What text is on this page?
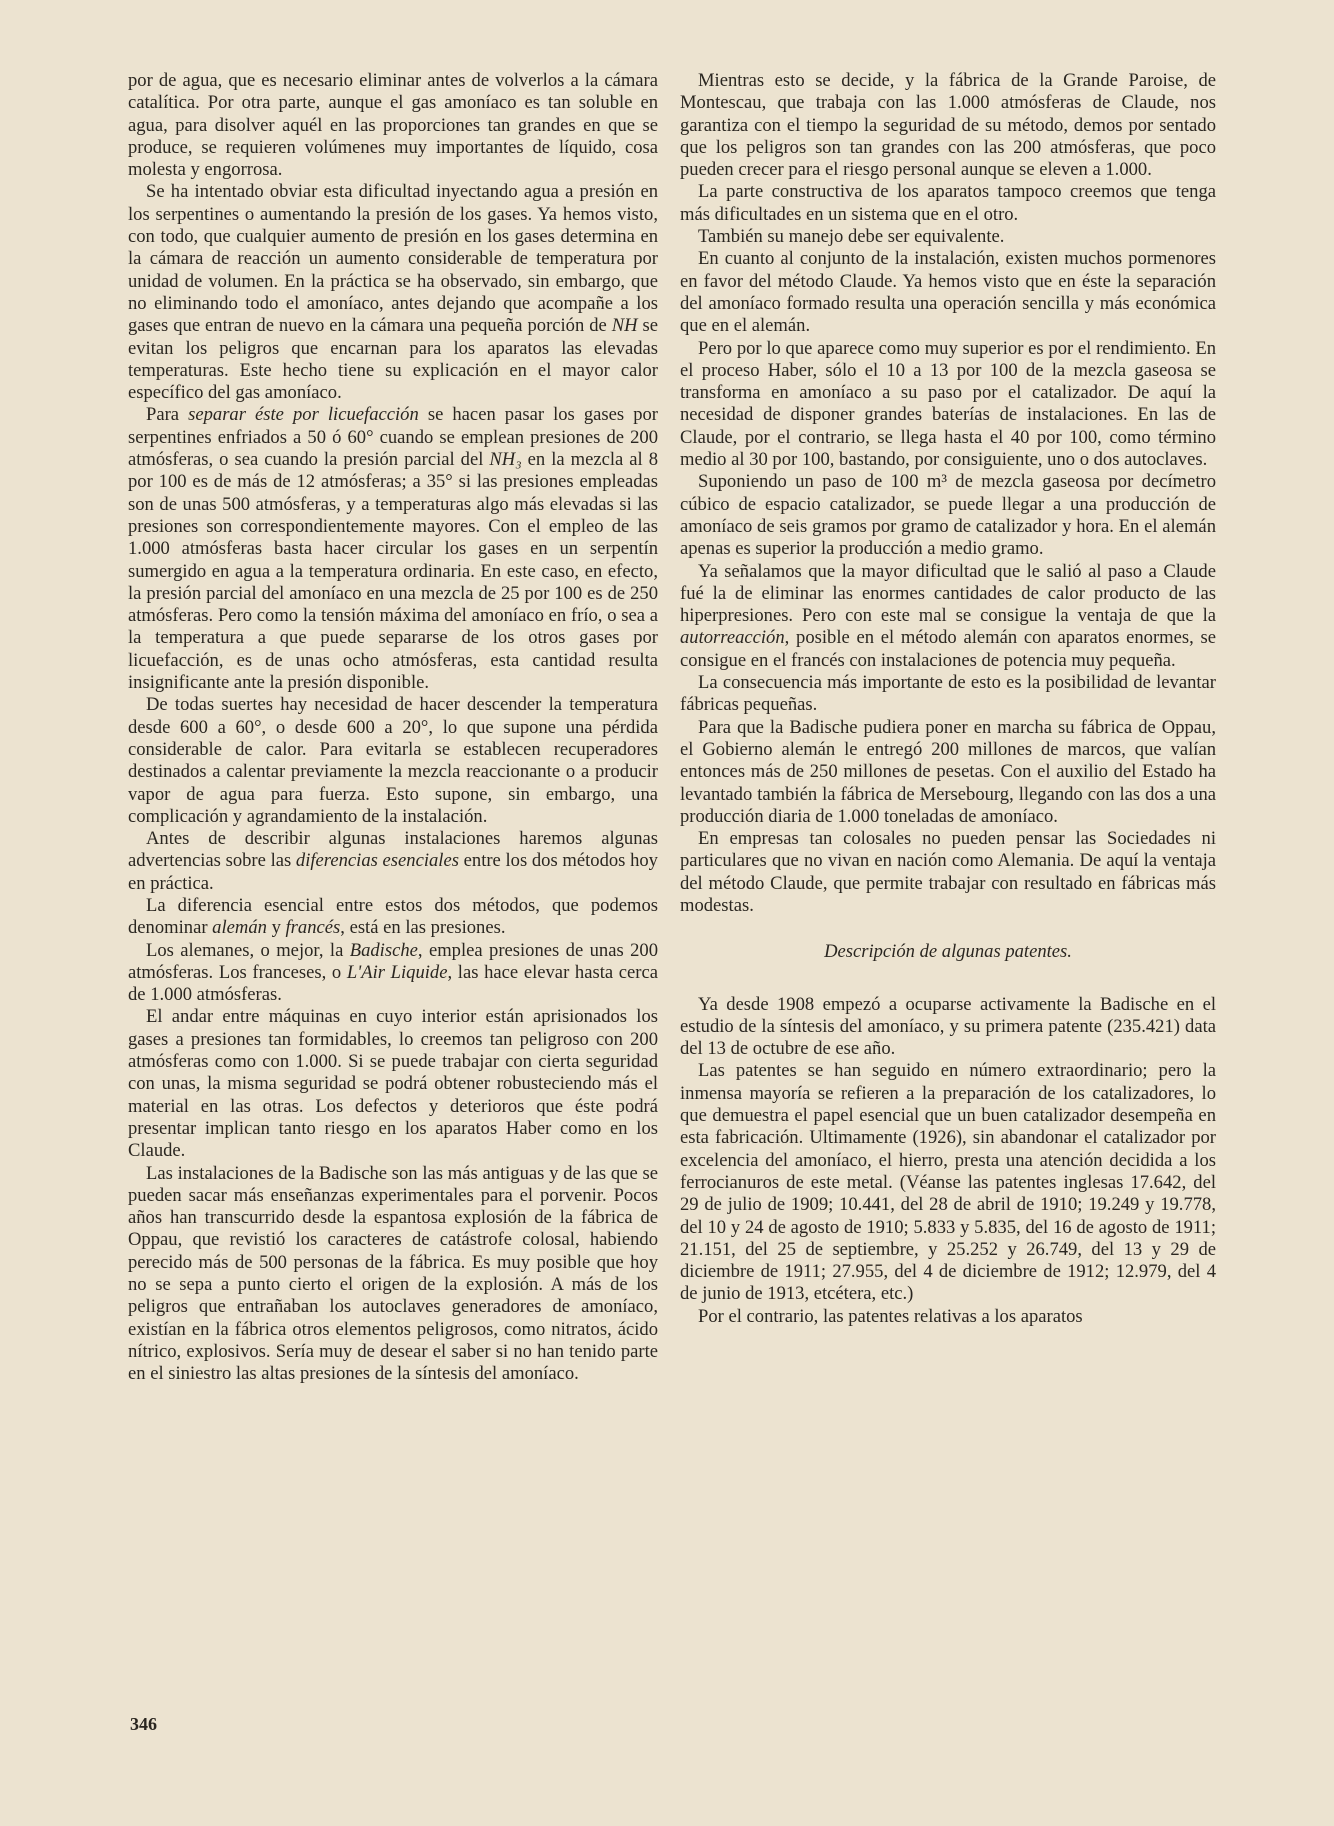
por de agua, que es necesario eliminar antes de volverlos a la cámara catalítica. Por otra parte, aunque el gas amoníaco es tan soluble en agua, para disolver aquél en las proporciones tan grandes en que se produce, se requieren volúmenes muy importantes de líquido, cosa molesta y engorrosa.

Se ha intentado obviar esta dificultad inyectando agua a presión en los serpentines o aumentando la presión de los gases. Ya hemos visto, con todo, que cualquier aumento de presión en los gases determina en la cámara de reacción un aumento considerable de temperatura por unidad de volumen. En la práctica se ha observado, sin embargo, que no eliminando todo el amoníaco, antes dejando que acompañe a los gases que entran de nuevo en la cámara una pequeña porción de NH se evitan los peligros que encarnan para los aparatos las elevadas temperaturas. Este hecho tiene su explicación en el mayor calor específico del gas amoníaco.

Para separar éste por licuefacción se hacen pasar los gases por serpentines enfriados a 50 ó 60° cuando se emplean presiones de 200 atmósferas, o sea cuando la presión parcial del NH₃ en la mezcla al 8 por 100 es de más de 12 atmósferas; a 35° si las presiones empleadas son de unas 500 atmósferas, y a temperaturas algo más elevadas si las presiones son correspondientemente mayores. Con el empleo de las 1.000 atmósferas basta hacer circular los gases en un serpentín sumergido en agua a la temperatura ordinaria. En este caso, en efecto, la presión parcial del amoníaco en una mezcla de 25 por 100 es de 250 atmósferas. Pero como la tensión máxima del amoníaco en frío, o sea a la temperatura a que puede separarse de los otros gases por licuefacción, es de unas ocho atmósferas, esta cantidad resulta insignificante ante la presión disponible.

De todas suertes hay necesidad de hacer descender la temperatura desde 600 a 60°, o desde 600 a 20°, lo que supone una pérdida considerable de calor. Para evitarla se establecen recuperadores destinados a calentar previamente la mezcla reaccionante o a producir vapor de agua para fuerza. Esto supone, sin embargo, una complicación y agrandamiento de la instalación.

Antes de describir algunas instalaciones haremos algunas advertencias sobre las diferencias esenciales entre los dos métodos hoy en práctica.

La diferencia esencial entre estos dos métodos, que podemos denominar alemán y francés, está en las presiones.

Los alemanes, o mejor, la Badische, emplea presiones de unas 200 atmósferas. Los franceses, o L'Air Liquide, las hace elevar hasta cerca de 1.000 atmósferas.

El andar entre máquinas en cuyo interior están aprisionados los gases a presiones tan formidables, lo creemos tan peligroso con 200 atmósferas como con 1.000. Si se puede trabajar con cierta seguridad con unas, la misma seguridad se podrá obtener robusteciendo más el material en las otras. Los defectos y deterioros que éste podrá presentar implican tanto riesgo en los aparatos Haber como en los Claude.

Las instalaciones de la Badische son las más antiguas y de las que se pueden sacar más enseñanzas experimentales para el porvenir. Pocos años han transcurrido desde la espantosa explosión de la fábrica de Oppau, que revistió los caracteres de catástrofe colosal, habiendo perecido más de 500 personas de la fábrica. Es muy posible que hoy no se sepa a punto cierto el origen de la explosión. A más de los peligros que entrañaban los autoclaves generadores de amoníaco, existían en la fábrica otros elementos peligrosos, como nitratos, ácido nítrico, explosivos. Sería muy de desear el saber si no han tenido parte en el siniestro las altas presiones de la síntesis del amoníaco.

Mientras esto se decide, y la fábrica de la Grande Paroise, de Montescau, que trabaja con las 1.000 atmósferas de Claude, nos garantiza con el tiempo la seguridad de su método, demos por sentado que los peligros son tan grandes con las 200 atmósferas, que poco pueden crecer para el riesgo personal aunque se eleven a 1.000.

La parte constructiva de los aparatos tampoco creemos que tenga más dificultades en un sistema que en el otro.

También su manejo debe ser equivalente.

En cuanto al conjunto de la instalación, existen muchos pormenores en favor del método Claude. Ya hemos visto que en éste la separación del amoníaco formado resulta una operación sencilla y más económica que en el alemán.

Pero por lo que aparece como muy superior es por el rendimiento. En el proceso Haber, sólo el 10 a 13 por 100 de la mezcla gaseosa se transforma en amoníaco a su paso por el catalizador. De aquí la necesidad de disponer grandes baterías de instalaciones. En las de Claude, por el contrario, se llega hasta el 40 por 100, como término medio al 30 por 100, bastando, por consiguiente, uno o dos autoclaves.

Suponiendo un paso de 100 m³ de mezcla gaseosa por decímetro cúbico de espacio catalizador, se puede llegar a una producción de amoníaco de seis gramos por gramo de catalizador y hora. En el alemán apenas es superior la producción a medio gramo.

Ya señalamos que la mayor dificultad que le salió al paso a Claude fué la de eliminar las enormes cantidades de calor producto de las hiperpresiones. Pero con este mal se consigue la ventaja de que la autorreacción, posible en el método alemán con aparatos enormes, se consigue en el francés con instalaciones de potencia muy pequeña.

La consecuencia más importante de esto es la posibilidad de levantar fábricas pequeñas.

Para que la Badische pudiera poner en marcha su fábrica de Oppau, el Gobierno alemán le entregó 200 millones de marcos, que valían entonces más de 250 millones de pesetas. Con el auxilio del Estado ha levantado también la fábrica de Mersebourg, llegando con las dos a una producción diaria de 1.000 toneladas de amoníaco.

En empresas tan colosales no pueden pensar las Sociedades ni particulares que no vivan en nación como Alemania. De aquí la ventaja del método Claude, que permite trabajar con resultado en fábricas más modestas.

Descripción de algunas patentes.

Ya desde 1908 empezó a ocuparse activamente la Badische en el estudio de la síntesis del amoníaco, y su primera patente (235.421) data del 13 de octubre de ese año.

Las patentes se han seguido en número extraordinario; pero la inmensa mayoría se refieren a la preparación de los catalizadores, lo que demuestra el papel esencial que un buen catalizador desempeña en esta fabricación. Ultimamente (1926), sin abandonar el catalizador por excelencia del amoníaco, el hierro, presta una atención decidida a los ferrocianuros de este metal. (Véanse las patentes inglesas 17.642, del 29 de julio de 1909; 10.441, del 28 de abril de 1910; 19.249 y 19.778, del 10 y 24 de agosto de 1910; 5.833 y 5.835, del 16 de agosto de 1911; 21.151, del 25 de septiembre, y 25.252 y 26.749, del 13 y 29 de diciembre de 1911; 27.955, del 4 de diciembre de 1912; 12.979, del 4 de junio de 1913, etcétera, etc.)

Por el contrario, las patentes relativas a los aparatos

346
